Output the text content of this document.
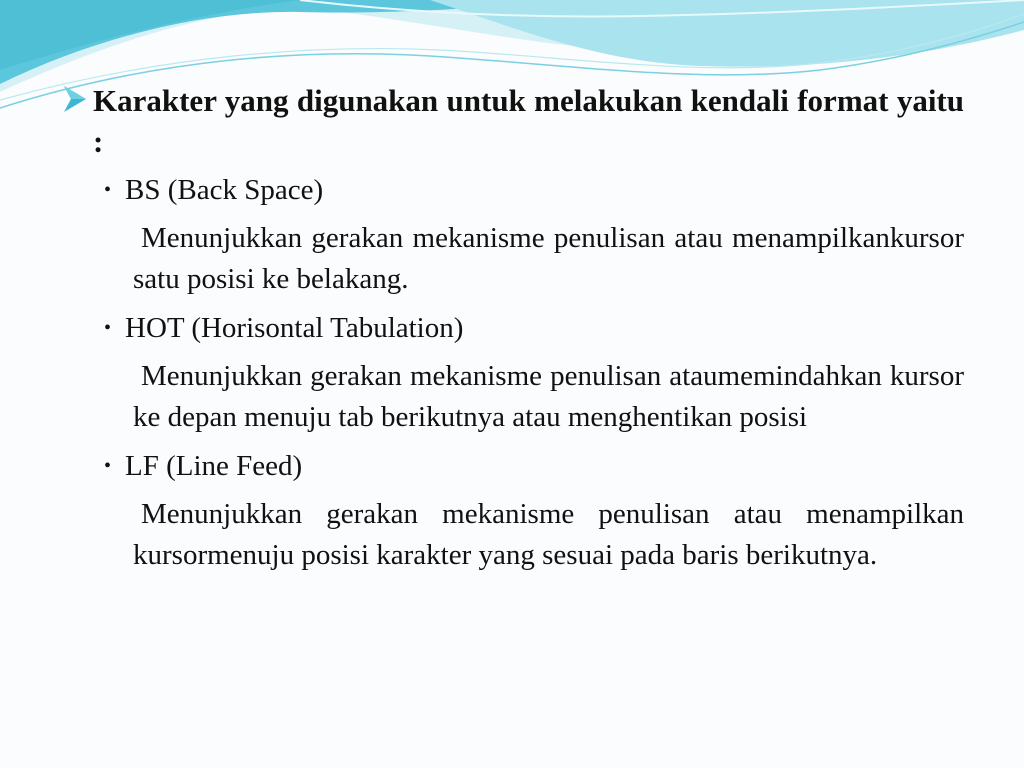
Karakter yang digunakan untuk melakukan kendali format yaitu :
• BS (Back Space)
Menunjukkan gerakan mekanisme penulisan atau menampilkankursor satu posisi ke belakang.
• HOT (Horisontal Tabulation)
Menunjukkan gerakan mekanisme penulisan ataumemindahkan kursor ke depan menuju tab berikutnya atau menghentikan posisi
• LF (Line Feed)
Menunjukkan gerakan mekanisme penulisan atau menampilkan kursormenuju posisi karakter yang sesuai pada baris berikutnya.
